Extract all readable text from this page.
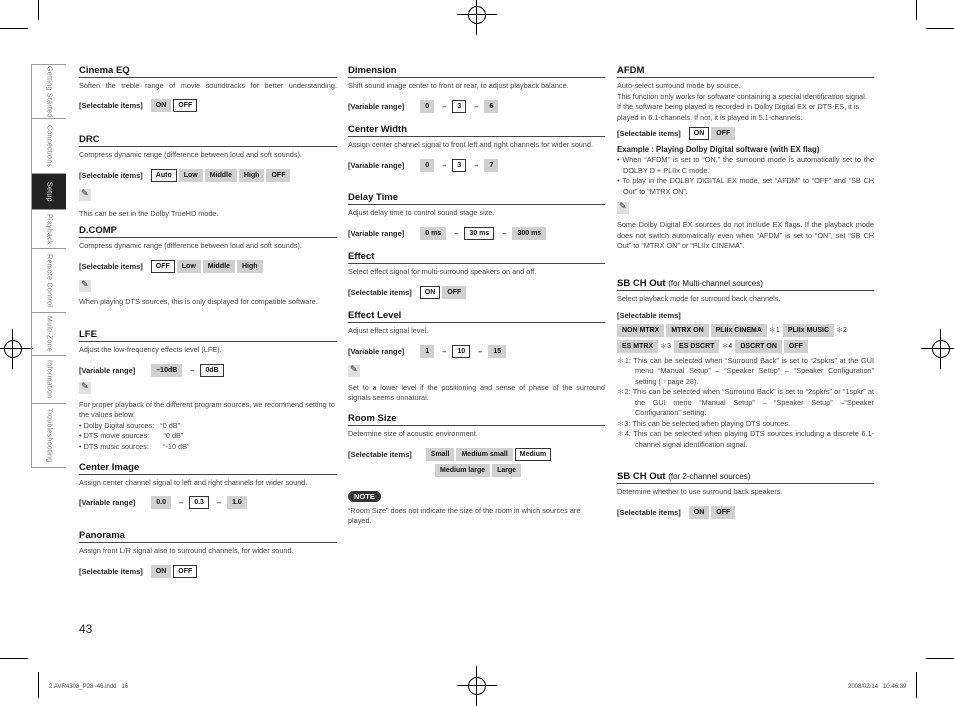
Getting Started
Connections
Setup
Playback
Remote Control
Multi-Zone
Information
Troubleshooting
Cinema EQ

Soften the treble range of movie soundtracks for better understanding.

[Selectable items]	ON	OFF
DRC

Compress dynamic range (difference between loud and soft sounds).

[Selectable items]	Auto	Low	Middle	High	OFF
✎

This can be set in the Dolby TrueHD mode.

D.COMP

Compress dynamic range (difference between loud and soft sounds).

[Selectable items]	OFF	Low	Middle	High
✎

When playing DTS sources, this is only displayed for compatible software.

LFE

Adjust the low-frequency effects level (LFE).

[Variable range]	–10dB	–	0dB
✎

For proper playback of the different program sources, we recommend setting to the values below.

• Dolby Digital sources:   “0 dB”
• DTS movie sources:       “0 dB”
• DTS music sources:       “-10 dB”
Center Image

Assign center channel signal to left and right channels for wider sound.

[Variable range]	0.0	–	0.3	–	1.0
Panorama

Assign front L/R signal also to surround channels, for wider sound.

[Selectable items]	ON	OFF
Dimension

Shift sound image center to front or rear, to adjust playback balance.

[Variable range]	0	–	3	–	6
Center Width

Assign center channel signal to front left and right channels for wider sound.

[Variable range]	0	–	3	–	7
Delay Time

Adjust delay time to control sound stage size.

[Variable range]	0 ms	–	30 ms	–	300 ms
Effect

Select effect signal for multi-surround speakers on and off.

[Selectable items]	ON	OFF
Effect Level

Adjust effect signal level.

[Variable range]	1	–	10	–	15
✎

Set to a lower level if the positioning and sense of phase of the surround signals seems unnatural.

Room Size

Determine size of acoustic environment.

[Selectable items]	Small	Medium small	Medium
Medium large	Large
NOTE

“Room Size” does not indicate the size of the room in which sources are played.

AFDM

Auto-select surround mode by source.

This function only works for software containing a special identification signal.

If the software being played is recorded in Dolby Digital EX or DTS-ES, it is played in 6.1-channels. If not, it is played in 5.1-channels.

[Selectable items]	ON	OFF
Example : Playing Dolby Digital software (with EX flag)
• When “AFDM” is set to “ON,” the surround mode is automatically set to the DOLBY D + PLIIx C mode.
• To play in the DOLBY DIGITAL EX mode, set “AFDM” to “OFF” and “SB CH Out” to “MTRX ON”.
✎

Some Dolby Digital EX sources do not include EX flags. If the playback mode does not switch automatically even when “AFDM” is set to “ON”, set “SB CH Out” to “MTRX ON” or “PLIIx CINEMA”.

SB CH Out (for Multi-channel sources)

Select playback mode for surround back channels.

[Selectable items]
NON MTRX	MTRX ON	PLIIx CINEMA	＊1	PLIIx MUSIC	＊2
ES MTRX	＊3	ES DSCRT	＊4	DSCRT ON	OFF
＊1: This can be selected when “Surround Back” is set to “2spkrs” at the GUI menu “Manual Setup” – “Speaker Setup” – “Speaker Configuration” setting (☞page 28).
＊2: This can be selected when “Surround Back” is set to “2spkrs” or “1spkr” at the GUI menu “Manual Setup” – “Speaker Setup” –“Speaker Configuration” setting.
＊3: This can be selected when playing DTS sources.
＊4: This can be selected when playing DTS sources including a discrete 6.1-channel signal identification signal.
SB CH Out (for 2-channel sources)

Determine whether to use surround back speakers.

[Selectable items]	ON	OFF
43
2.AVR4308_P28~46.indd   16	2008/02/14   10:46:39
